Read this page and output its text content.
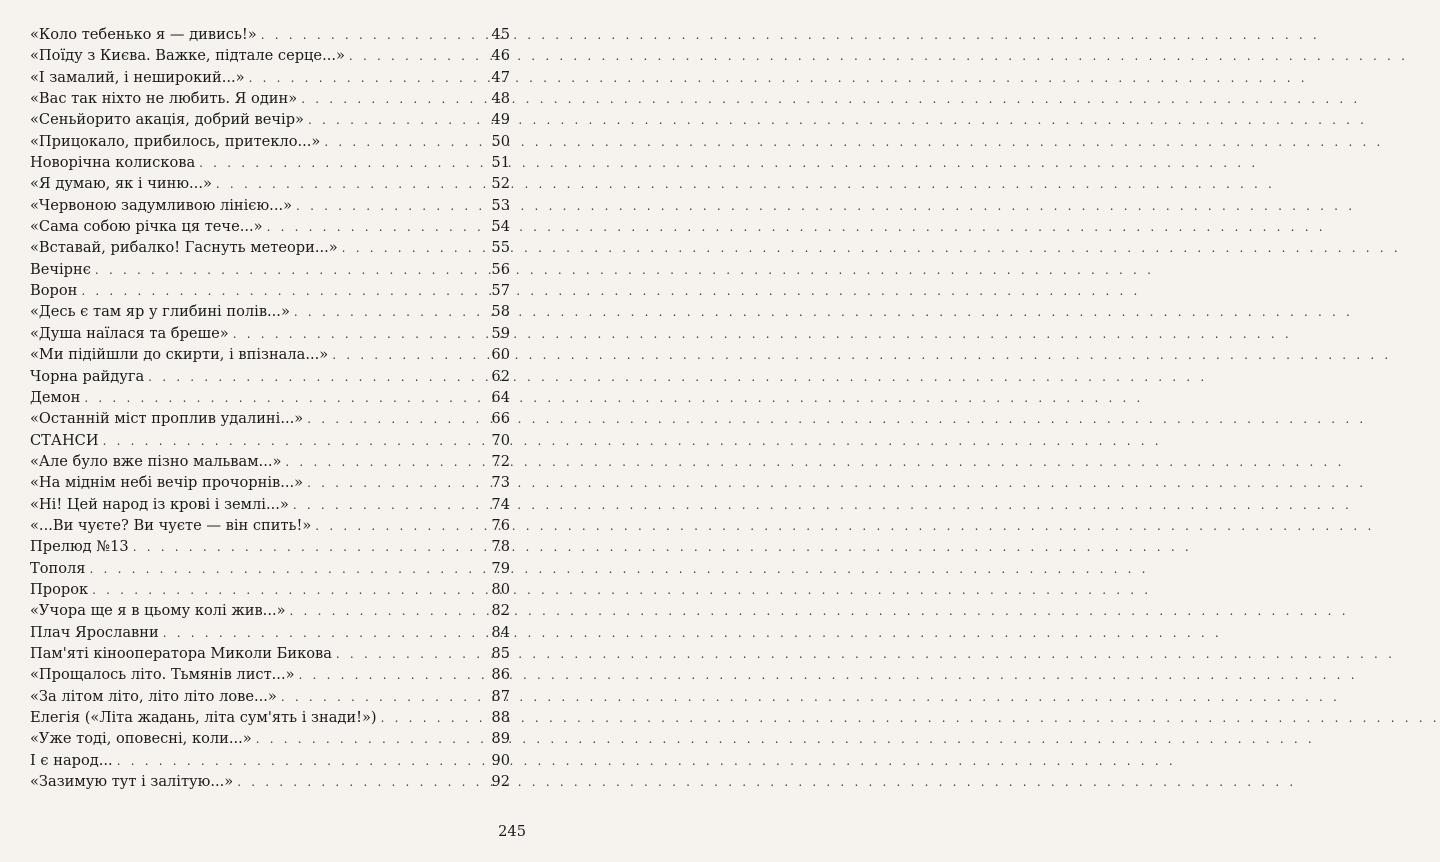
«Коло тебенько я — дивись!» . . .	45
«Поїду з Києва. Важке, підтале серце...» . . .	46
«І замалий, і неширокий...» . . .	47
«Вас так ніхто не любить. Я один» . . .	48
«Сеньйорито акація, добрий вечір» . . .	49
«Прицокало, прибилось, притекло...» . . .	50
Новорічна колискова . . .	51
«Я думаю, як і чиню...» . . .	52
«Червоною задумливою лінією...» . . .	53
«Сама собою річка ця тече...» . . .	54
«Вставай, рибалко! Гаснуть метеори...» . . .	55
Вечірнє . . .	56
Ворон . . .	57
«Десь є там яр у глибині полів...» . . .	58
«Душа наїлася та бреше» . . .	59
«Ми підійшли до скирти, і впізнала...» . . .	60
Чорна райдуга . . .	62
Демон . . .	64
«Останній міст проплив удалині...» . . .	66
СТАНСИ . . .	70
«Але було вже пізно мальвам...» . . .	72
«На міднім небі вечір прочорнів...» . . .	73
«Ні! Цей народ із крові і землі...» . . .	74
«...Ви чуєте? Ви чуєте — він спить!» . . .	76
Прелюд №13 . . .	78
Тополя . . .	79
Пророк . . .	80
«Учора ще я в цьому колі жив...» . . .	82
Плач Ярославни . . .	84
Пам'яті кінооператора Миколи Бикова . . .	85
«Прощалось літо. Тьмянів лист...» . . .	86
«За літом літо, літо літо лове...» . . .	87
Елегія («Літа жадань, літа сум'ять і знади!») . . .	88
«Уже тоді, оповесні, коли...» . . .	89
І є народ... . . .	90
«Зазимую тут і залітую...» . . .	92
245
